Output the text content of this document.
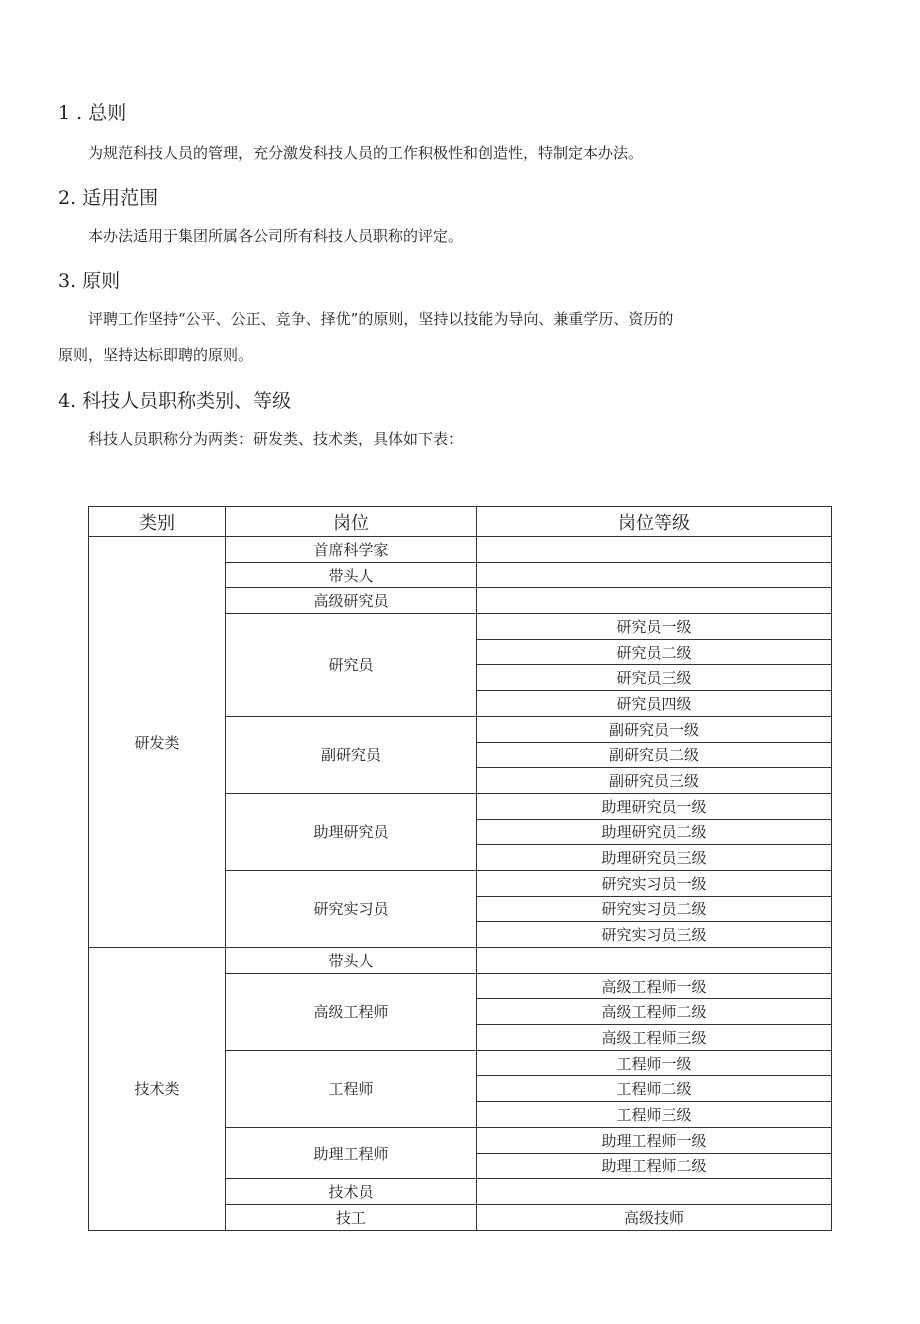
1 . 总则

为规范科技人员的管理，充分激发科技人员的工作积极性和创造性，特制定本办法。

2. 适用范围

本办法适用于集团所属各公司所有科技人员职称的评定。

3. 原则

评聘工作坚持“公平、公正、竞争、择优”的原则，坚持以技能为导向、兼重学历、资历的

原则，坚持达标即聘的原则。

4. 科技人员职称类别、等级

科技人员职称分为两类：研发类、技术类，具体如下表：

类别	岗位	岗位等级
研发类	首席科学家	
	带头人	
	高级研究员	
	研究员	研究员一级
		研究员二级
		研究员三级
		研究员四级
	副研究员	副研究员一级
		副研究员二级
		副研究员三级
	助理研究员	助理研究员一级
		助理研究员二级
		助理研究员三级
	研究实习员	研究实习员一级
		研究实习员二级
		研究实习员三级
技术类	带头人	
	高级工程师	高级工程师一级
		高级工程师二级
		高级工程师三级
	工程师	工程师一级
		工程师二级
		工程师三级
	助理工程师	助理工程师一级
		助理工程师二级
	技术员	
	技工	高级技师
